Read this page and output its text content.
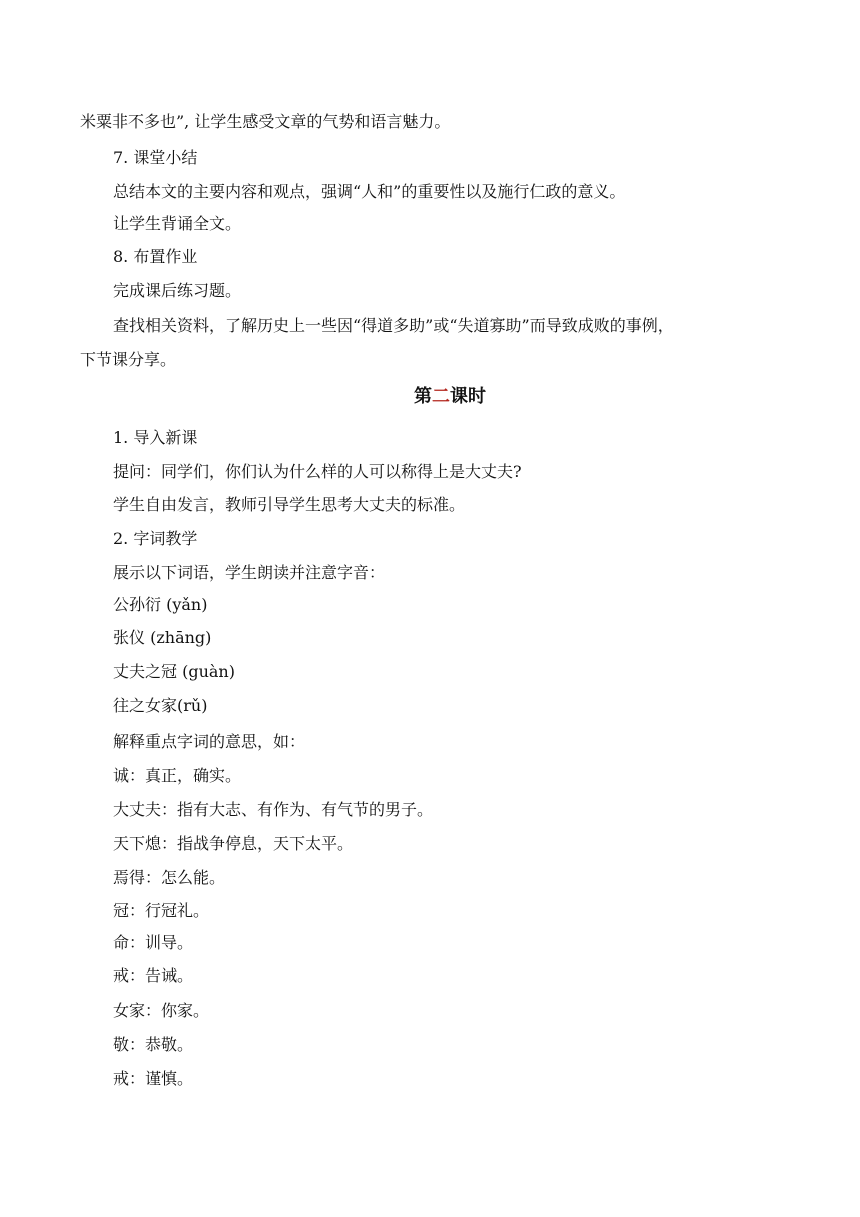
米粟非不多也”, 让学生感受文章的气势和语言魅力。
7. 课堂小结
总结本文的主要内容和观点，强调“人和”的重要性以及施行仁政的意义。
让学生背诵全文。
8. 布置作业
完成课后练习题。
查找相关资料，了解历史上一些因“得道多助”或“失道寡助”而导致成败的事例，
下节课分享。
第二课时
1. 导入新课
提问：同学们，你们认为什么样的人可以称得上是大丈夫?
学生自由发言，教师引导学生思考大丈夫的标准。
2. 字词教学
展示以下词语，学生朗读并注意字音：
公孙衍 (yǎn)
张仪 (zhāng)
丈夫之冠 (guàn)
往之女家(rǔ)
解释重点字词的意思，如：
诚：真正，确实。
大丈夫：指有大志、有作为、有气节的男子。
天下熄：指战争停息，天下太平。
焉得：怎么能。
冠：行冠礼。
命：训导。
戒：告诫。
女家：你家。
敬：恭敬。
戒：谨慎。
